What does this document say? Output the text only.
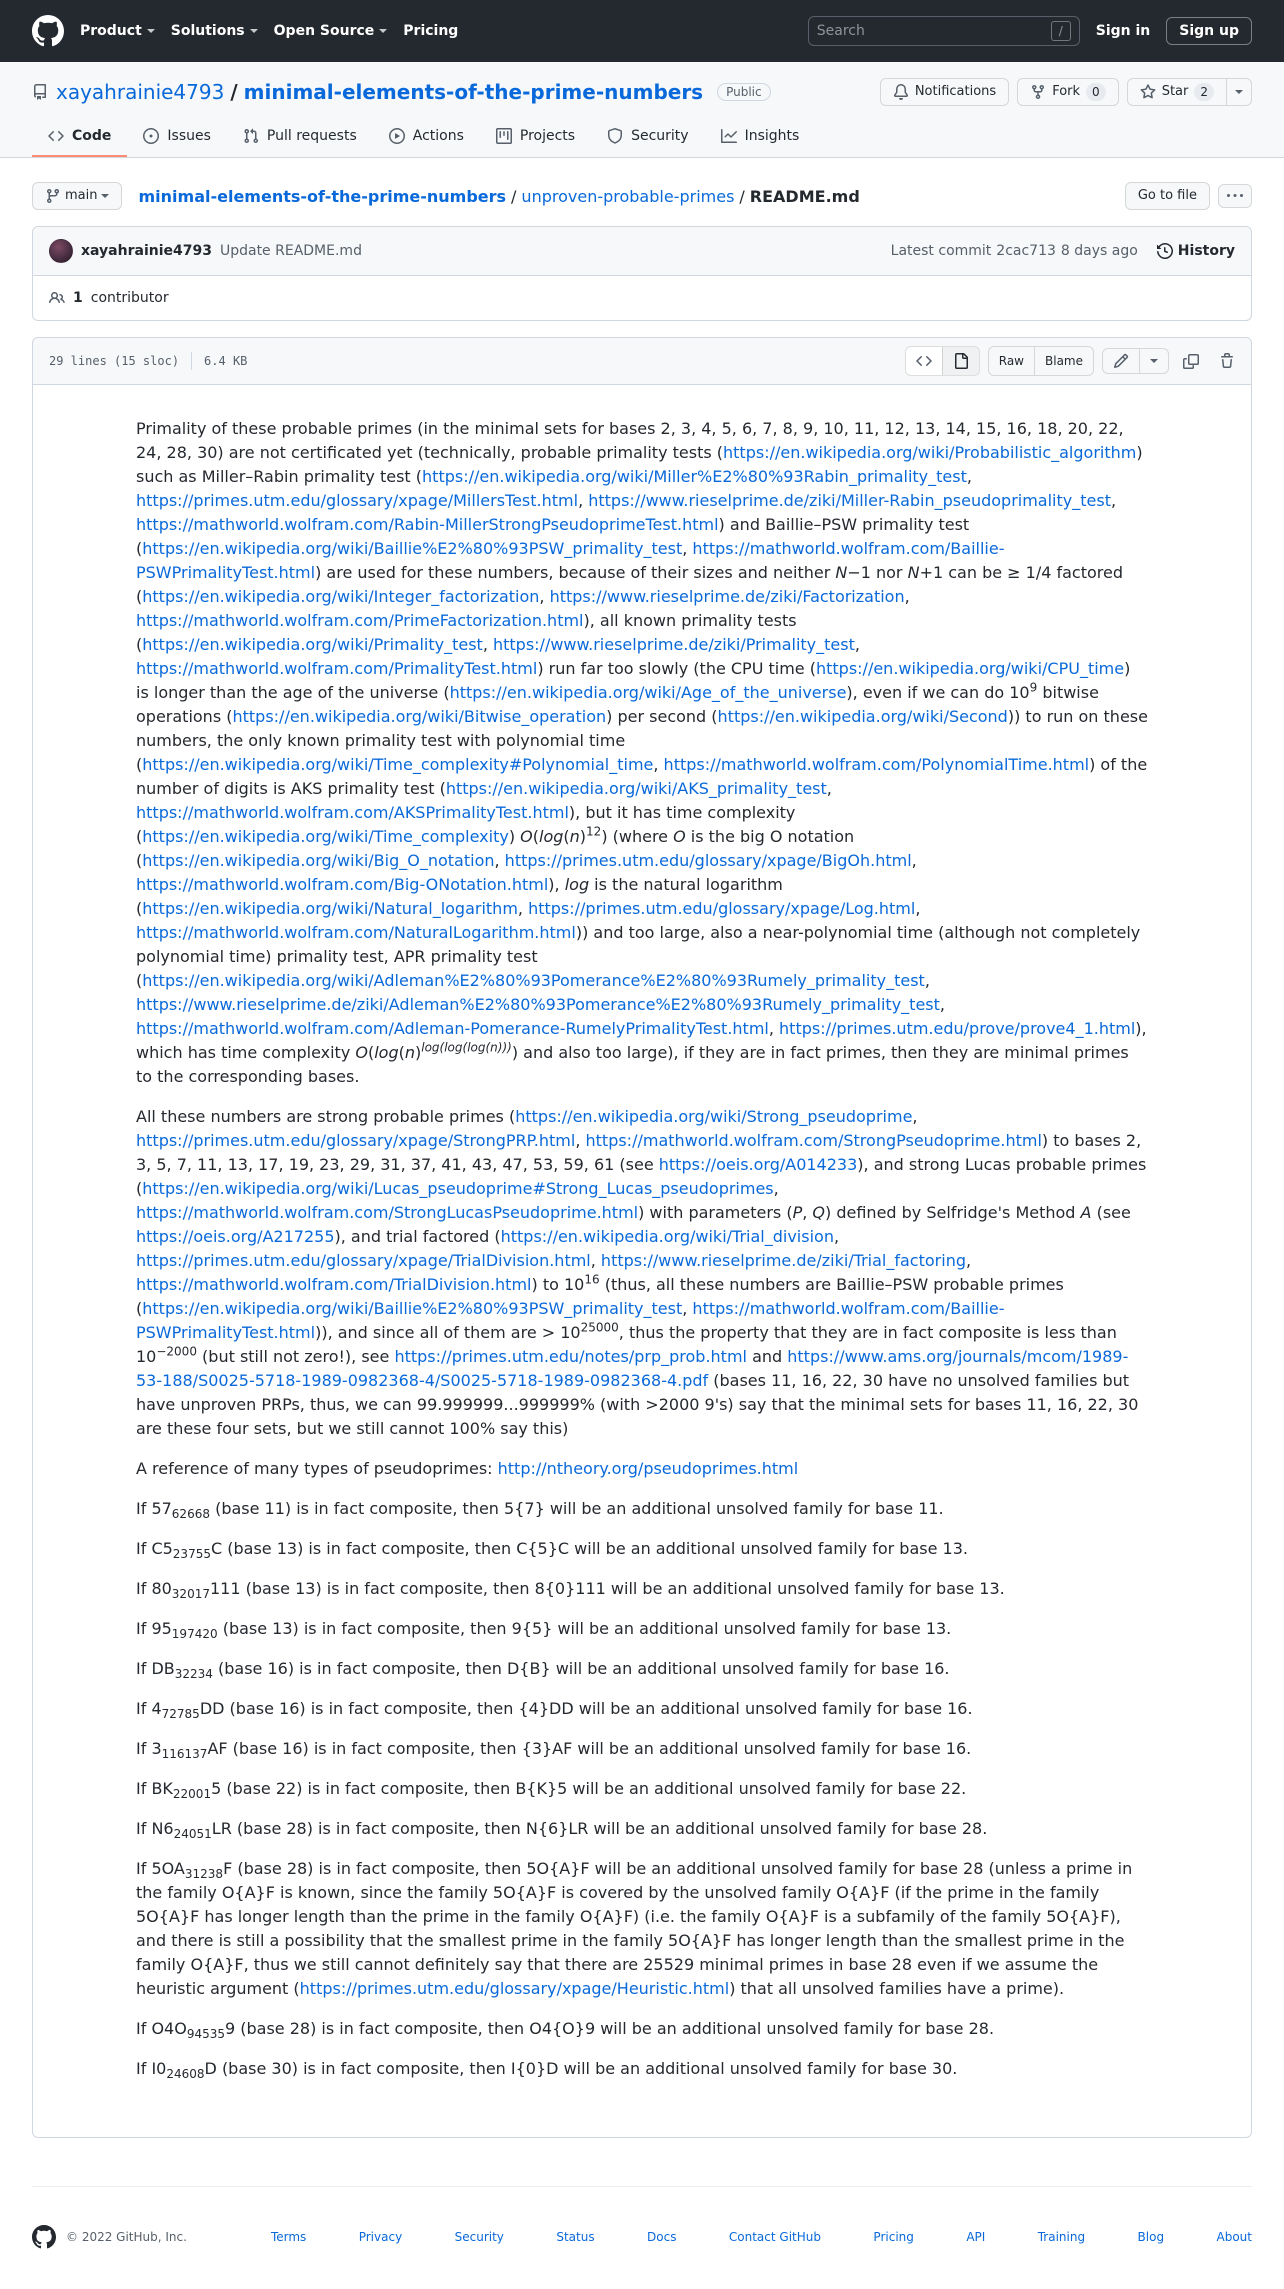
Product Solutions Open Source Pricing
Search	/	Sign in	Sign up
xayahrainie4793 / minimal-elements-of-the-prime-numbers	Public	Notifications	Fork	0	Star	2
Code	Issues	Pull requests	Actions	Projects	Security	Insights
main	minimal-elements-of-the-prime-numbers / unproven-probable-primes / README.md	Go to file
xayahrainie4793 Update README.md	Latest commit 2cac713 8 days ago	History
1 contributor
29 lines (15 sloc) 6.4 KB	Raw	Blame

Primality of these probable primes (in the minimal sets for bases 2, 3, 4, 5, 6, 7, 8, 9, 10, 11, 12, 13, 14, 15, 16, 18, 20, 22, 24, 28, 30) are not certificated yet (technically, probable primality tests (https://en.wikipedia.org/wiki/Probabilistic_algorithm) such as Miller–Rabin primality test (https://en.wikipedia.org/wiki/Miller%E2%80%93Rabin_primality_test, https://primes.utm.edu/glossary/xpage/MillersTest.html, https://www.rieselprime.de/ziki/Miller-Rabin_pseudoprimality_test, https://mathworld.wolfram.com/Rabin-MillerStrongPseudoprimeTest.html) and Baillie–PSW primality test (https://en.wikipedia.org/wiki/Baillie%E2%80%93PSW_primality_test, https://mathworld.wolfram.com/Baillie-PSWPrimalityTest.html) are used for these numbers, because of their sizes and neither N−1 nor N+1 can be ≥ 1/4 factored (https://en.wikipedia.org/wiki/Integer_factorization, https://www.rieselprime.de/ziki/Factorization, https://mathworld.wolfram.com/PrimeFactorization.html), all known primality tests (https://en.wikipedia.org/wiki/Primality_test, https://www.rieselprime.de/ziki/Primality_test, https://mathworld.wolfram.com/PrimalityTest.html) run far too slowly (the CPU time (https://en.wikipedia.org/wiki/CPU_time) is longer than the age of the universe (https://en.wikipedia.org/wiki/Age_of_the_universe), even if we can do $10^9$ bitwise operations (https://en.wikipedia.org/wiki/Bitwise_operation) per second (https://en.wikipedia.org/wiki/Second)) to run on these numbers, the only known primality test with polynomial time (https://en.wikipedia.org/wiki/Time_complexity#Polynomial_time, https://mathworld.wolfram.com/PolynomialTime.html) of the number of digits is AKS primality test (https://en.wikipedia.org/wiki/AKS_primality_test, https://mathworld.wolfram.com/AKSPrimalityTest.html), but it has time complexity (https://en.wikipedia.org/wiki/Time_complexity) $O(\log(n)^{12})$ (where O is the big O notation (https://en.wikipedia.org/wiki/Big_O_notation, https://primes.utm.edu/glossary/xpage/BigOh.html, https://mathworld.wolfram.com/Big-ONotation.html), log is the natural logarithm (https://en.wikipedia.org/wiki/Natural_logarithm, https://primes.utm.edu/glossary/xpage/Log.html, https://mathworld.wolfram.com/NaturalLogarithm.html)) and too large, also a near-polynomial time (although not completely polynomial time) primality test, APR primality test (https://en.wikipedia.org/wiki/Adleman%E2%80%93Pomerance%E2%80%93Rumely_primality_test, https://www.rieselprime.de/ziki/Adleman%E2%80%93Pomerance%E2%80%93Rumely_primality_test, https://mathworld.wolfram.com/Adleman-Pomerance-RumelyPrimalityTest.html, https://primes.utm.edu/prove/prove4_1.html), which has time complexity $O(\log(n)^{log(log(log(n)))})$ and also too large), if they are in fact primes, then they are minimal primes to the corresponding bases.

All these numbers are strong probable primes (https://en.wikipedia.org/wiki/Strong_pseudoprime, https://primes.utm.edu/glossary/xpage/StrongPRP.html, https://mathworld.wolfram.com/StrongPseudoprime.html) to bases 2, 3, 5, 7, 11, 13, 17, 19, 23, 29, 31, 37, 41, 43, 47, 53, 59, 61 (see https://oeis.org/A014233), and strong Lucas probable primes (https://en.wikipedia.org/wiki/Lucas_pseudoprime#Strong_Lucas_pseudoprimes, https://mathworld.wolfram.com/StrongLucasPseudoprime.html) with parameters (P, Q) defined by Selfridge's Method A (see https://oeis.org/A217255), and trial factored (https://en.wikipedia.org/wiki/Trial_division, https://primes.utm.edu/glossary/xpage/TrialDivision.html, https://www.rieselprime.de/ziki/Trial_factoring, https://mathworld.wolfram.com/TrialDivision.html) to $10^{16}$ (thus, all these numbers are Baillie–PSW probable primes (https://en.wikipedia.org/wiki/Baillie%E2%80%93PSW_primality_test, https://mathworld.wolfram.com/Baillie-PSWPrimalityTest.html)), and since all of them are > $10^{25000}$, thus the property that they are in fact composite is less than $10^{-2000}$ (but still not zero!), see https://primes.utm.edu/notes/prp_prob.html and https://www.ams.org/journals/mcom/1989-53-188/S0025-5718-1989-0982368-4/S0025-5718-1989-0982368-4.pdf (bases 11, 16, 22, 30 have no unsolved families but have unproven PRPs, thus, we can 99.999999...999999% (with >2000 9's) say that the minimal sets for bases 11, 16, 22, 30 are these four sets, but we still cannot 100% say this)

A reference of many types of pseudoprimes: http://ntheory.org/pseudoprimes.html

If $57_{62668}$ (base 11) is in fact composite, then 5{7} will be an additional unsolved family for base 11.

If $C5_{23755}C$ (base 13) is in fact composite, then C{5}C will be an additional unsolved family for base 13.

If $80_{32017}111$ (base 13) is in fact composite, then 8{0}111 will be an additional unsolved family for base 13.

If $95_{197420}$ (base 13) is in fact composite, then 9{5} will be an additional unsolved family for base 13.

If $DB_{32234}$ (base 16) is in fact composite, then D{B} will be an additional unsolved family for base 16.

If $4_{72785}DD$ (base 16) is in fact composite, then {4}DD will be an additional unsolved family for base 16.

If $3_{116137}AF$ (base 16) is in fact composite, then {3}AF will be an additional unsolved family for base 16.

If $BK_{22001}5$ (base 22) is in fact composite, then B{K}5 will be an additional unsolved family for base 22.

If $N6_{24051}LR$ (base 28) is in fact composite, then N{6}LR will be an additional unsolved family for base 28.

If $5OA_{31238}F$ (base 28) is in fact composite, then 5O{A}F will be an additional unsolved family for base 28 (unless a prime in the family O{A}F is known, since the family 5O{A}F is covered by the unsolved family O{A}F (if the prime in the family 5O{A}F has longer length than the prime in the family O{A}F) (i.e. the family O{A}F is a subfamily of the family 5O{A}F), and there is still a possibility that the smallest prime in the family 5O{A}F has longer length than the smallest prime in the family O{A}F, thus we still cannot definitely say that there are 25529 minimal primes in base 28 even if we assume the heuristic argument (https://primes.utm.edu/glossary/xpage/Heuristic.html) that all unsolved families have a prime).

If $O4O_{94535}9$ (base 28) is in fact composite, then O4{O}9 will be an additional unsolved family for base 28.

If $I0_{24608}D$ (base 30) is in fact composite, then I{0}D will be an additional unsolved family for base 30.

© 2022 GitHub, Inc.	Terms	Privacy	Security	Status	Docs	Contact GitHub	Pricing	API	Training	Blog	About
